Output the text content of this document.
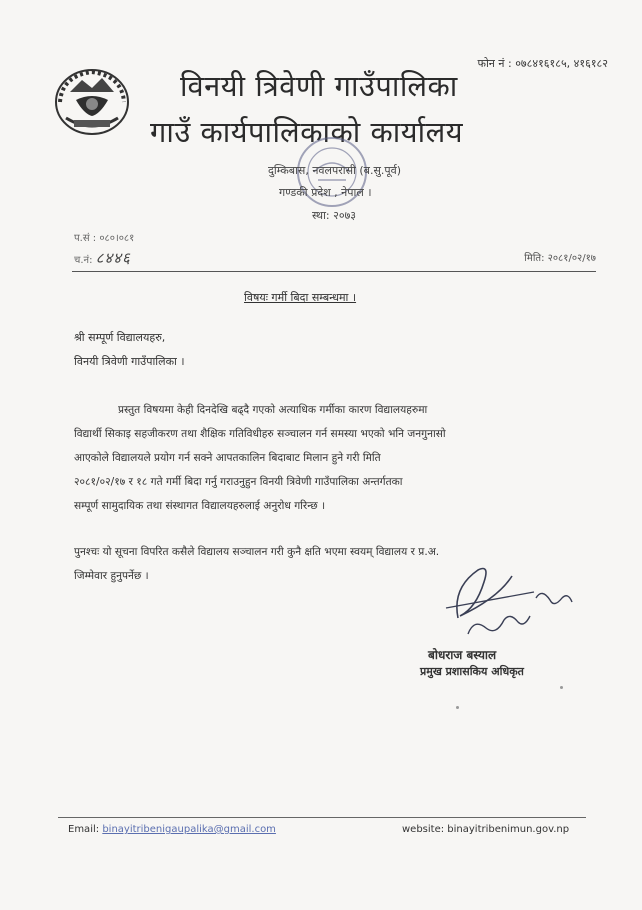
फोन नं : ०७८४१६१८५, ४१६१८२
विनयी त्रिवेणी गाउँपालिका
गाउँ कार्यपालिकाको कार्यालय
दुम्किबास, नवलपरासी (ब.सु.पूर्व)
गण्डकी प्रदेश , नेपाल ।
स्था: २०७३
प.सं : ०८०।०८१
च.नं: ८४४६	मिति: २०८१/०२/१७
विषयः गर्मी बिदा सम्बन्धमा ।
श्री सम्पूर्ण विद्यालयहरु,
विनयी त्रिवेणी गाउँपालिका ।
प्रस्तुत विषयमा केही दिनदेखि बढ्दै गएको अत्याधिक गर्मीका कारण विद्यालयहरुमा
विद्यार्थी सिकाइ सहजीकरण तथा शैक्षिक गतिविधीहरु सञ्चालन गर्न समस्या भएको भनि जनगुनासो
आएकोले विद्यालयले प्रयोग गर्न सक्ने आपतकालिन बिदाबाट मिलान हुने गरी मिति
२०८१/०२/१७ र १८ गते गर्मी बिदा गर्नु गराउनुहुन विनयी त्रिवेणी गाउँपालिका अन्तर्गतका
सम्पूर्ण सामुदायिक तथा संस्थागत विद्यालयहरुलाई अनुरोध गरिन्छ ।
पुनश्चः यो सूचना विपरित कसैले विद्यालय सञ्चालन गरी कुनै क्षति भएमा स्वयम् विद्यालय र प्र.अ.
जिम्मेवार हुनुपर्नेछ ।
बोधराज बस्याल
प्रमुख प्रशासकिय अधिकृत
Email: binayitribenigaupalika@gmail.com	website: binayitribenimun.gov.np
